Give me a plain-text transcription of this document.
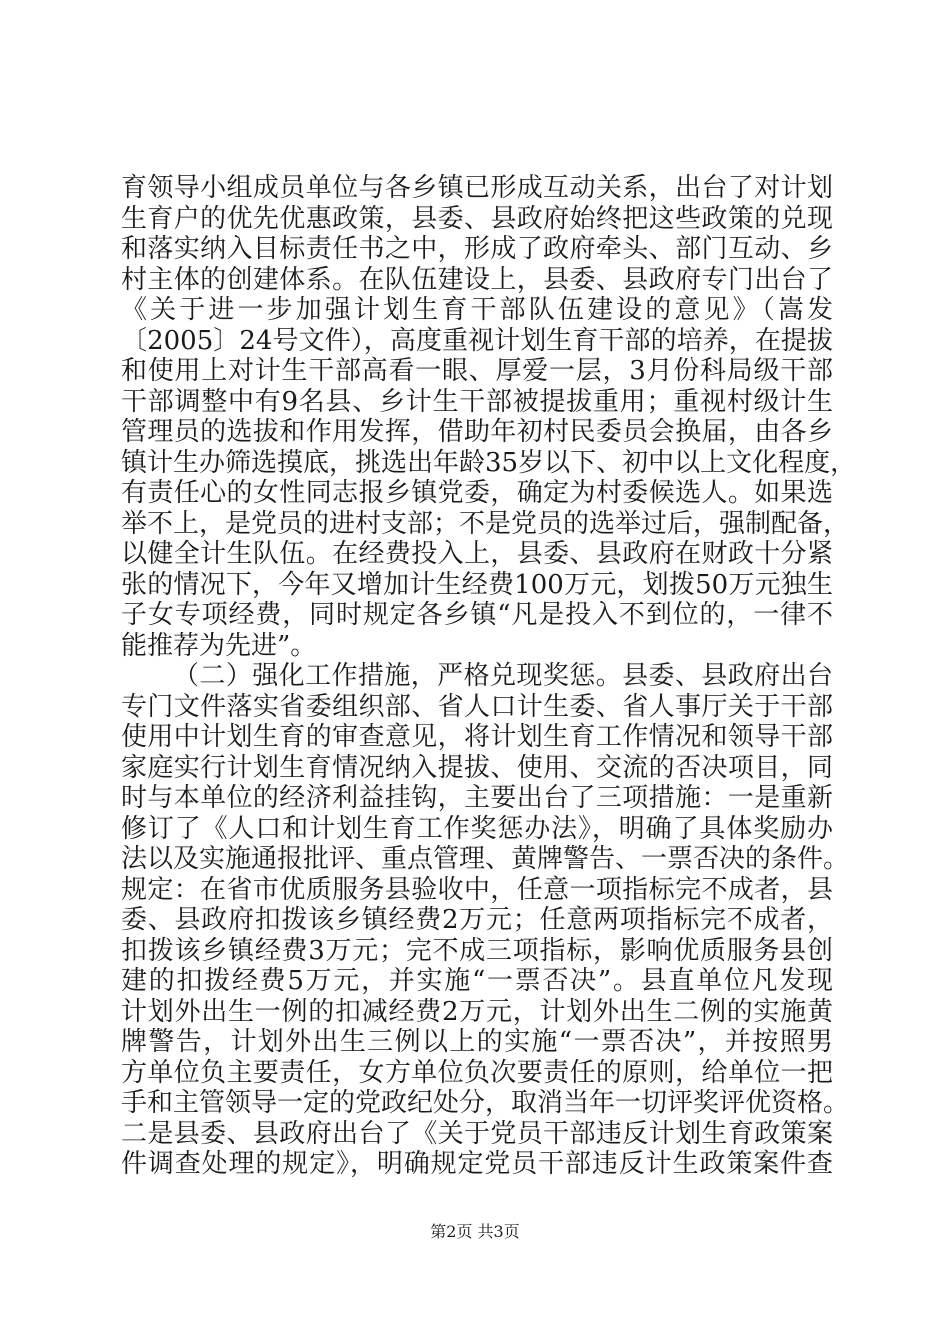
育领导小组成员单位与各乡镇已形成互动关系，出台了对计划
生育户的优先优惠政策，县委、县政府始终把这些政策的兑现
和落实纳入目标责任书之中，形成了政府牵头、部门互动、乡
村主体的创建体系。在队伍建设上，县委、县政府专门出台了
《关于进一步加强计划生育干部队伍建设的意见》（嵩发
〔2005〕24号文件），高度重视计划生育干部的培养，在提拔
和使用上对计生干部高看一眼、厚爱一层，3月份科局级干部
干部调整中有9名县、乡计生干部被提拔重用；重视村级计生
管理员的选拔和作用发挥，借助年初村民委员会换届，由各乡
镇计生办筛选摸底，挑选出年龄35岁以下、初中以上文化程度，
有责任心的女性同志报乡镇党委，确定为村委候选人。如果选
举不上，是党员的进村支部；不是党员的选举过后，强制配备，
以健全计生队伍。在经费投入上，县委、县政府在财政十分紧
张的情况下，今年又增加计生经费100万元，划拨50万元独生
子女专项经费，同时规定各乡镇“凡是投入不到位的，一律不
能推荐为先进”。
（二）强化工作措施，严格兑现奖惩。县委、县政府出台
专门文件落实省委组织部、省人口计生委、省人事厅关于干部
使用中计划生育的审查意见，将计划生育工作情况和领导干部
家庭实行计划生育情况纳入提拔、使用、交流的否决项目，同
时与本单位的经济利益挂钩，主要出台了三项措施：一是重新
修订了《人口和计划生育工作奖惩办法》，明确了具体奖励办
法以及实施通报批评、重点管理、黄牌警告、一票否决的条件。
规定：在省市优质服务县验收中，任意一项指标完不成者，县
委、县政府扣拨该乡镇经费2万元；任意两项指标完不成者，
扣拨该乡镇经费3万元；完不成三项指标，影响优质服务县创
建的扣拨经费5万元，并实施“一票否决”。县直单位凡发现
计划外出生一例的扣减经费2万元，计划外出生二例的实施黄
牌警告，计划外出生三例以上的实施“一票否决”，并按照男
方单位负主要责任，女方单位负次要责任的原则，给单位一把
手和主管领导一定的党政纪处分，取消当年一切评奖评优资格。
二是县委、县政府出台了《关于党员干部违反计划生育政策案
件调查处理的规定》，明确规定党员干部违反计生政策案件查
第2页 共3页
